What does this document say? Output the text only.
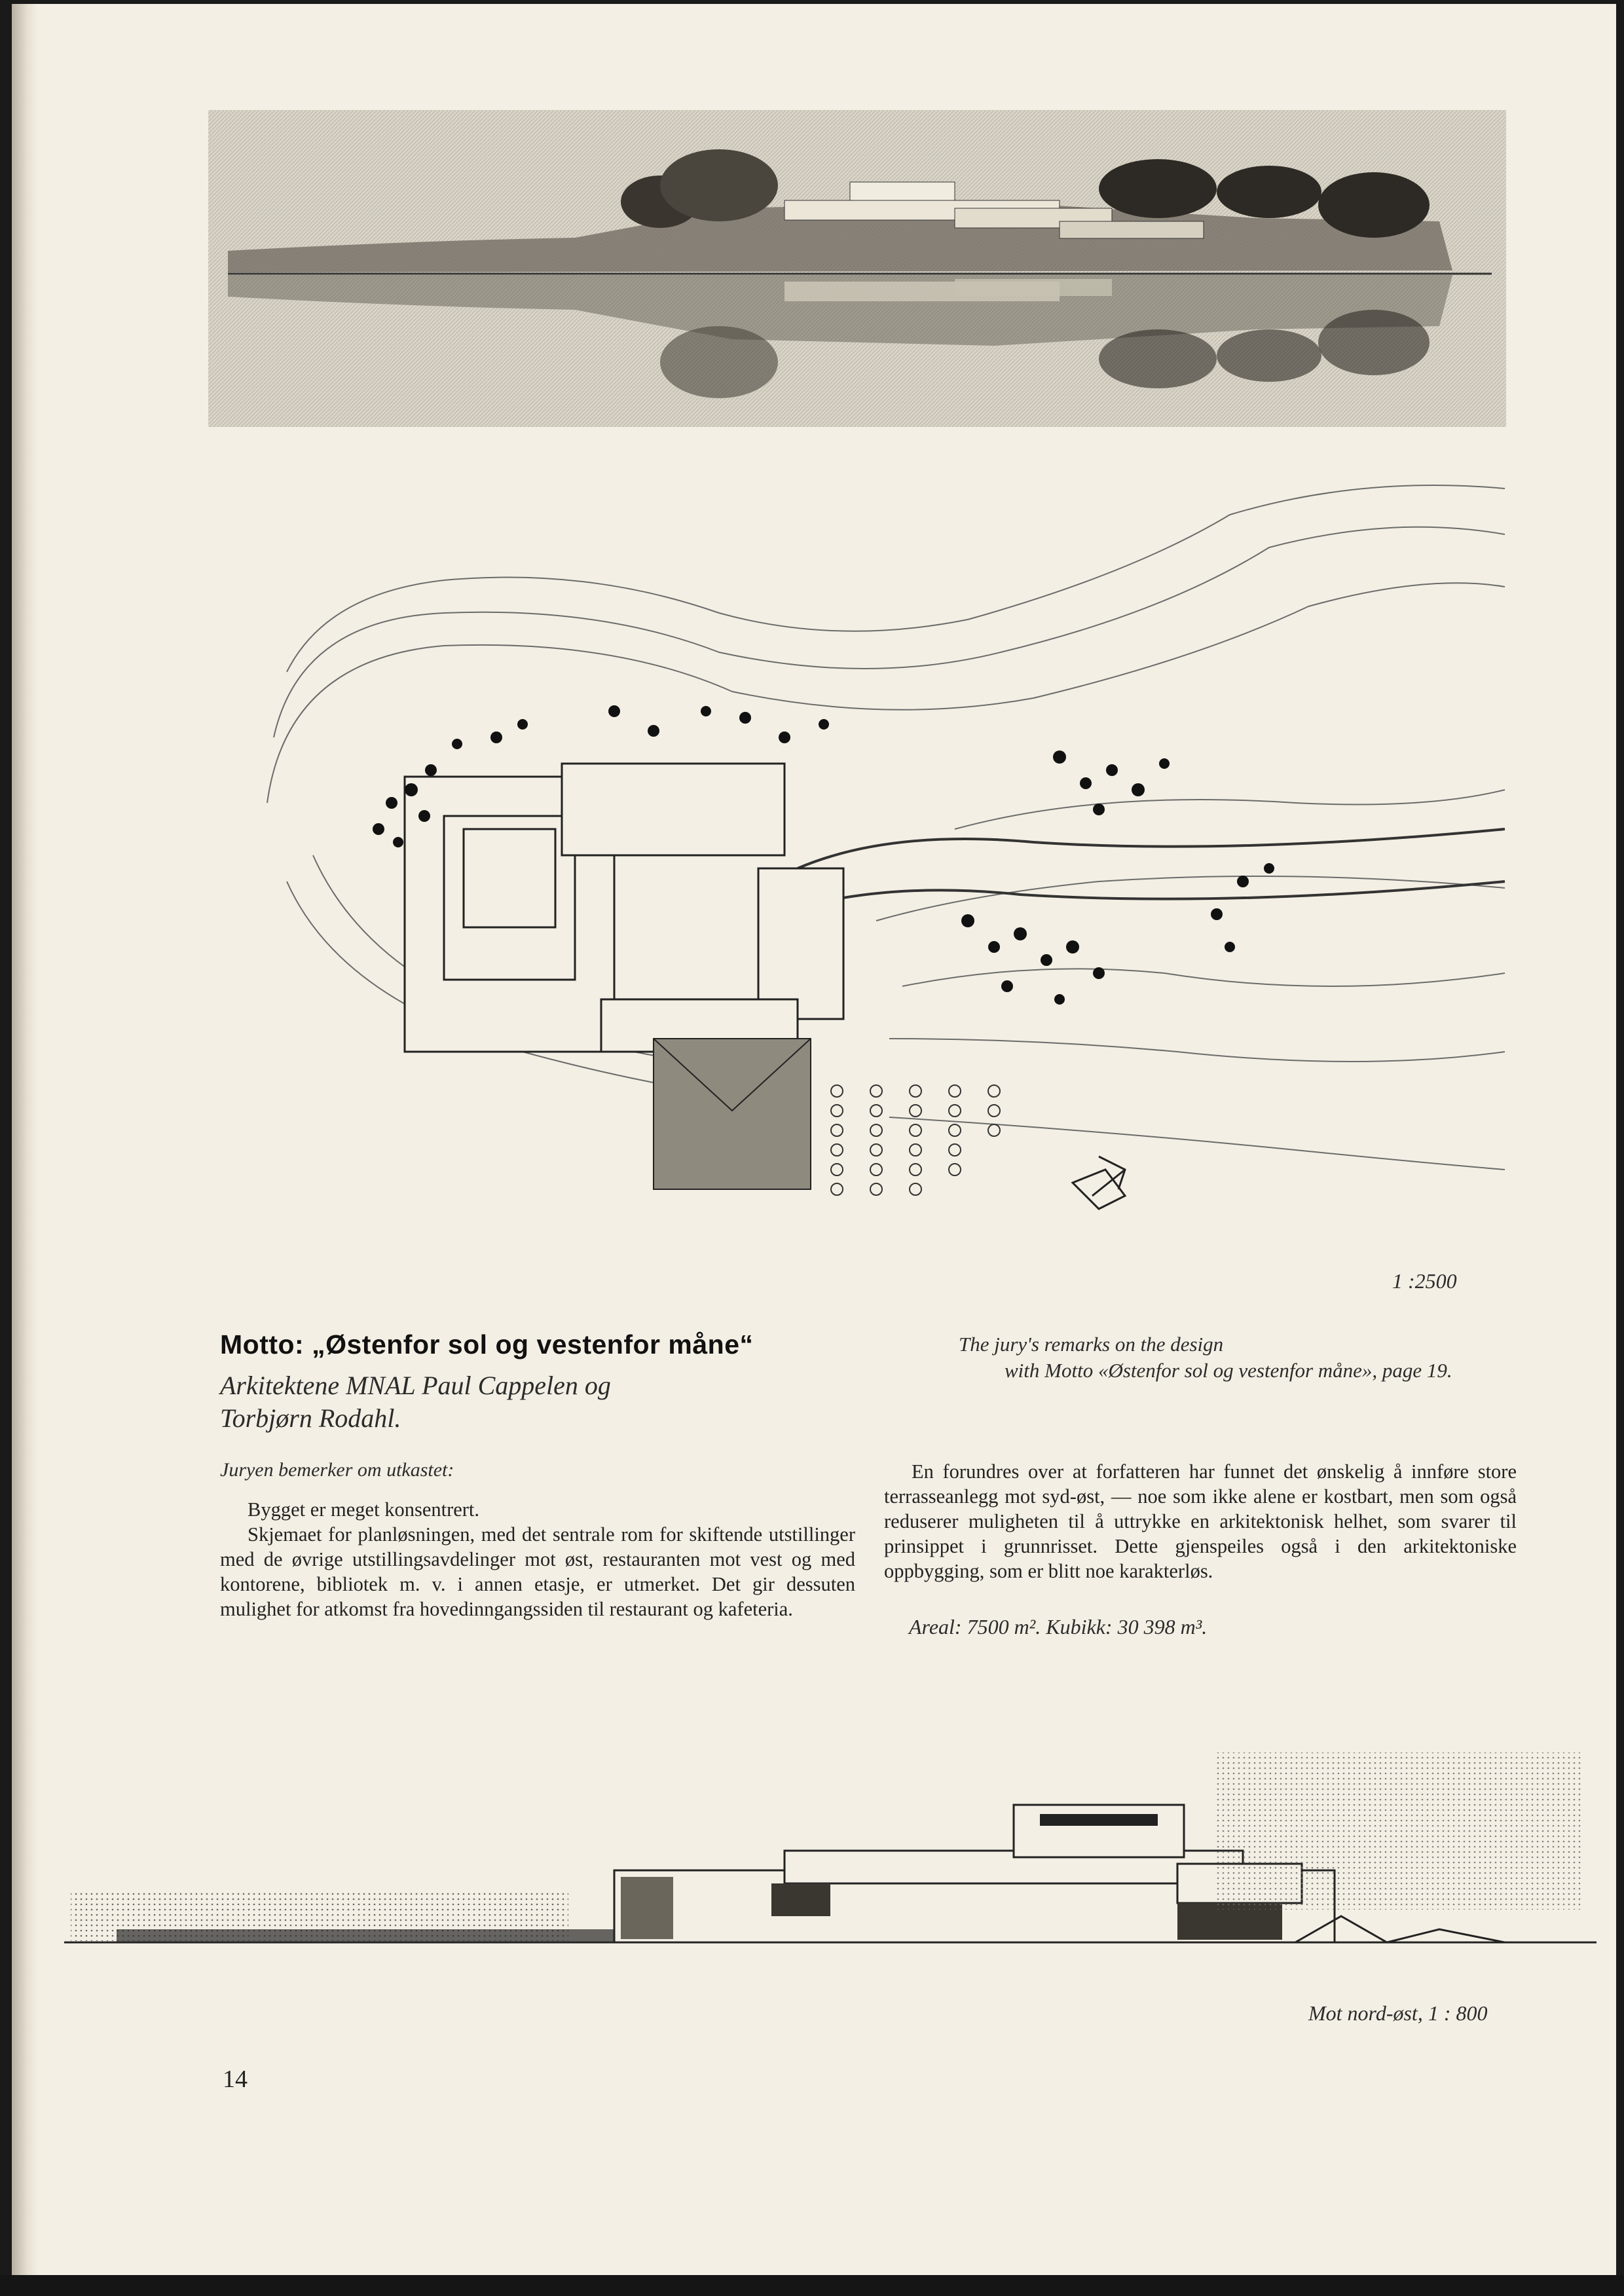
1 :2500
Motto: „Østenfor sol og vestenfor måne“
Arkitektene MNAL Paul Cappelen og
Torbjørn Rodahl.
The jury's remarks on the design
with Motto «Østenfor sol og vestenfor måne», page 19.
Juryen bemerker om utkastet:

Bygget er meget konsentrert.

Skjemaet for planløsningen, med det sentrale rom for skiftende utstillinger med de øvrige utstillingsavdelinger mot øst, restauranten mot vest og med kontorene, bibliotek m. v. i annen etasje, er utmerket. Det gir dessuten mulighet for atkomst fra hovedinngangssiden til restaurant og kafeteria.

En forundres over at forfatteren har funnet det ønskelig å innføre store terrasseanlegg mot syd-øst, — noe som ikke alene er kostbart, men som også reduserer muligheten til å uttrykke en arkitektonisk helhet, som svarer til prinsippet i grunnrisset. Dette gjenspeiles også i den arkitektoniske oppbygging, som er blitt noe karakterløs.

Areal: 7500 m². Kubikk: 30 398 m³.
Mot nord-øst, 1 : 800
14
